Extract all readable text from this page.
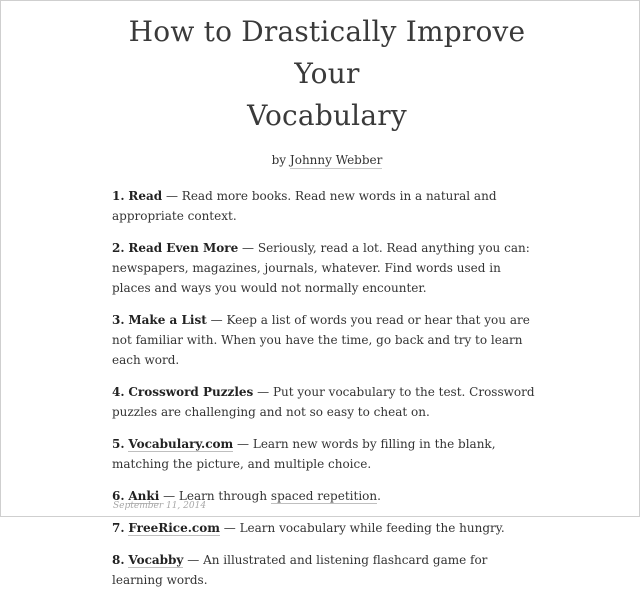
How to Drastically Improve Your
Vocabulary
by Johnny Webber

1. Read — Read more books. Read new words in a natural and appropriate context.

2. Read Even More — Seriously, read a lot. Read anything you can: newspapers, magazines, journals, whatever. Find words used in places and ways you would not normally encounter.

3. Make a List — Keep a list of words you read or hear that you are not familiar with. When you have the time, go back and try to learn each word.

4. Crossword Puzzles — Put your vocabulary to the test. Crossword puzzles are challenging and not so easy to cheat on.

5. Vocabulary.com — Learn new words by filling in the blank, matching the picture, and multiple choice.

6. Anki — Learn through spaced repetition.

7. FreeRice.com — Learn vocabulary while feeding the hungry.

8. Vocabby — An illustrated and listening flashcard game for learning words.

September 11, 2014
